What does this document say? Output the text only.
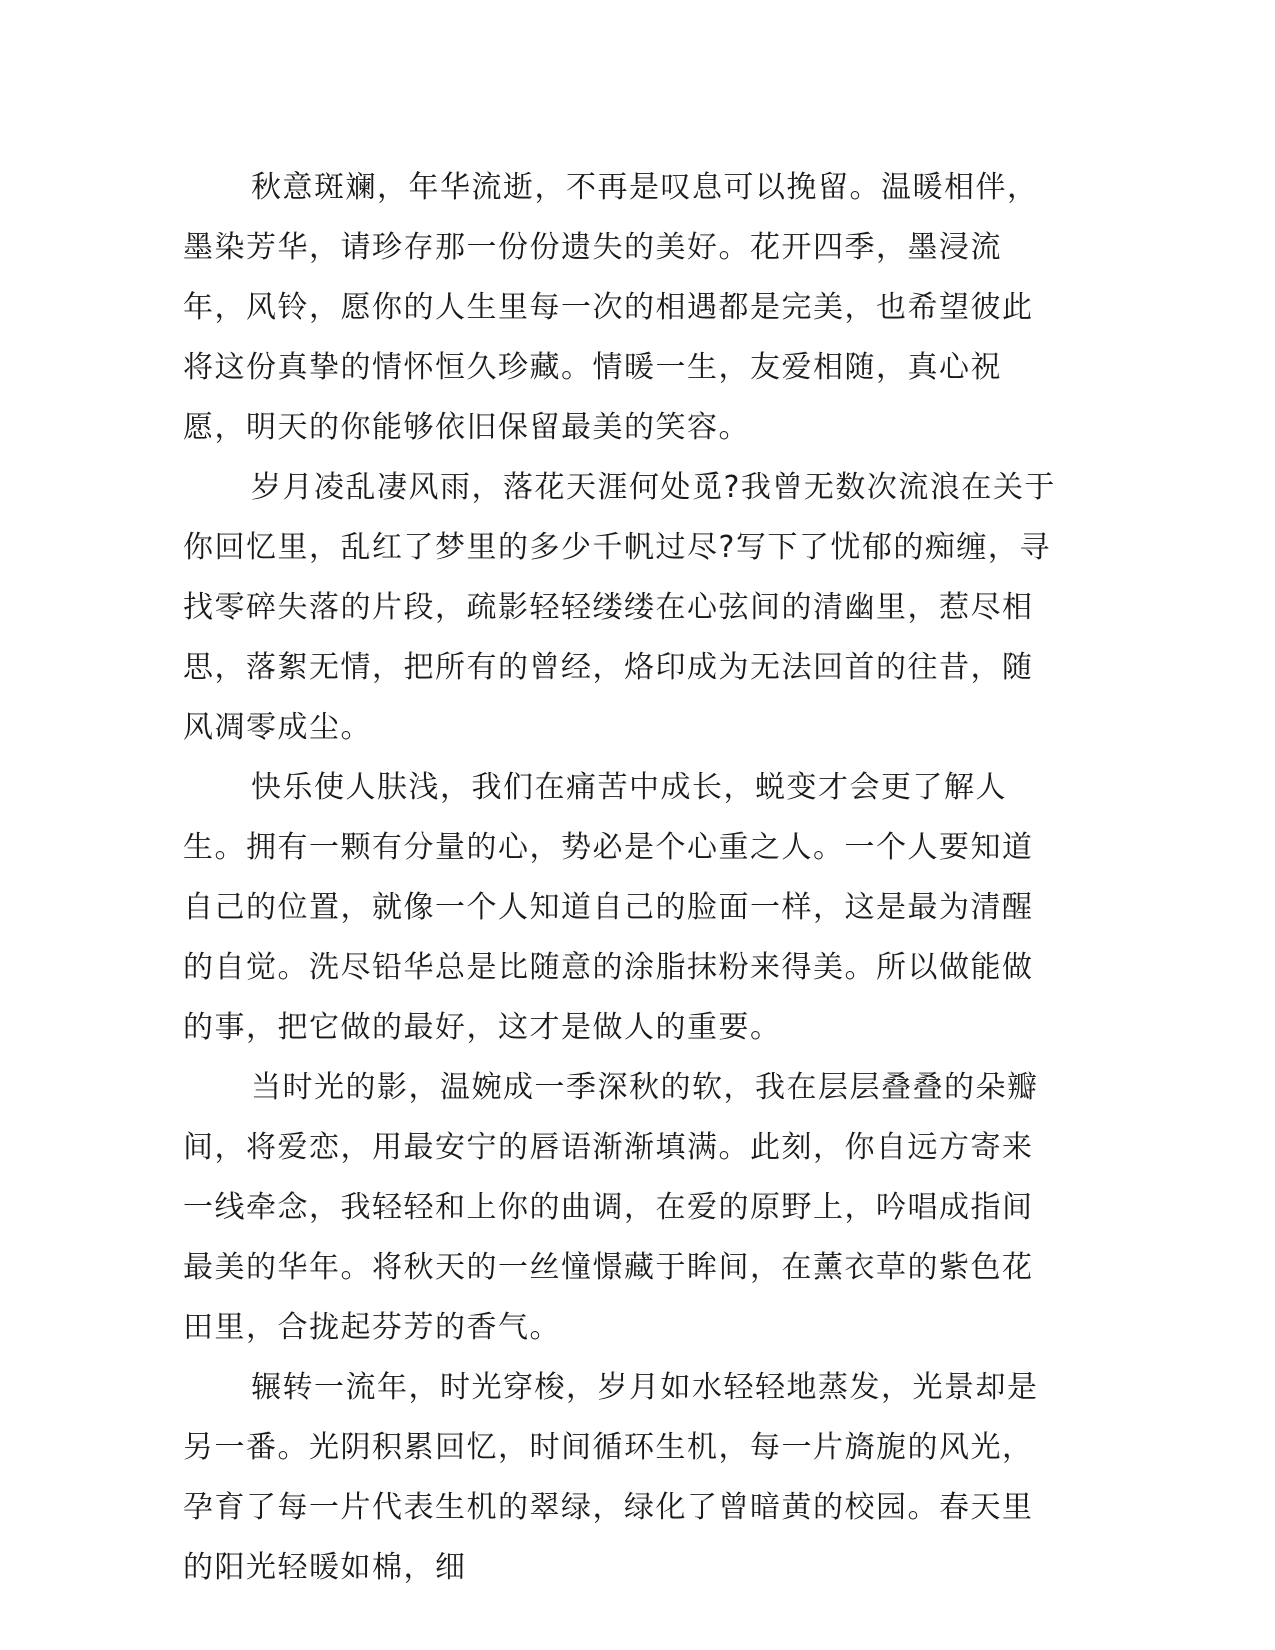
秋意斑斓，年华流逝，不再是叹息可以挽留。温暖相伴，墨染芳华，请珍存那一份份遗失的美好。花开四季，墨浸流年，风铃，愿你的人生里每一次的相遇都是完美，也希望彼此将这份真挚的情怀恒久珍藏。情暖一生，友爱相随，真心祝愿，明天的你能够依旧保留最美的笑容。

岁月凌乱凄风雨，落花天涯何处觅?我曾无数次流浪在关于你回忆里，乱红了梦里的多少千帆过尽?写下了忧郁的痴缠，寻找零碎失落的片段，疏影轻轻缕缕在心弦间的清幽里，惹尽相思，落絮无情，把所有的曾经，烙印成为无法回首的往昔，随风凋零成尘。

快乐使人肤浅，我们在痛苦中成长，蜕变才会更了解人生。拥有一颗有分量的心，势必是个心重之人。一个人要知道自己的位置，就像一个人知道自己的脸面一样，这是最为清醒的自觉。洗尽铅华总是比随意的涂脂抹粉来得美。所以做能做的事，把它做的最好，这才是做人的重要。

当时光的影，温婉成一季深秋的软，我在层层叠叠的朵瓣间，将爱恋，用最安宁的唇语渐渐填满。此刻，你自远方寄来一线牵念，我轻轻和上你的曲调，在爱的原野上，吟唱成指间最美的华年。将秋天的一丝憧憬藏于眸间，在薰衣草的紫色花田里，合拢起芬芳的香气。

辗转一流年，时光穿梭，岁月如水轻轻地蒸发，光景却是另一番。光阴积累回忆，时间循环生机，每一片旖旎的风光，孕育了每一片代表生机的翠绿，绿化了曾暗黄的校园。春天里的阳光轻暖如棉，细
